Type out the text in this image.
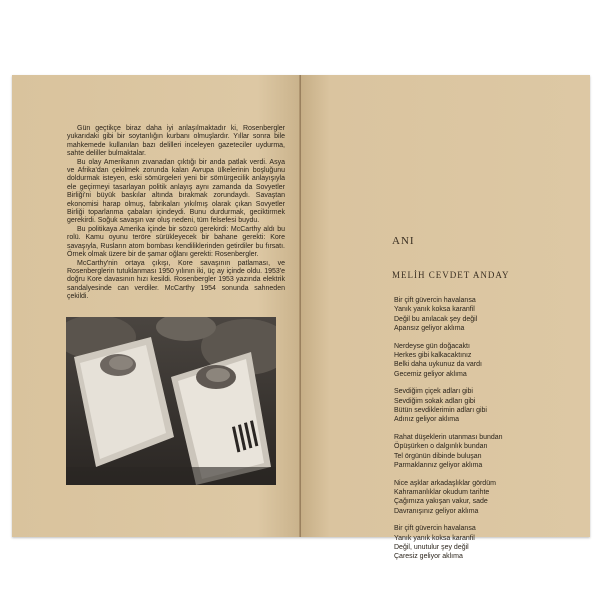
Gün geçtikçe biraz daha iyi anlaşılmaktadır ki, Rosenbergler yukarıdaki gibi bir soytarılığın kurbanı olmuşlardır. Yıllar sonra bile mahkemede kullanılan bazı delilleri inceleyen gazeteciler uydurma, sahte deliller bulmaktalar.

Bu olay Amerikanın zıvanadan çıktığı bir anda patlak verdi. Asya ve Afrika'dan çekilmek zorunda kalan Avrupa ülkelerinin boşluğunu doldurmak isteyen, eski sömürgeleri yeni bir sömürgecilik anlayışıyla ele geçirmeyi tasarlayan politik anlayış aynı zamanda da Sovyetler Birliği'ni büyük baskılar altında bırakmak zorundaydı. Savaştan ekonomisi harap olmuş, fabrikaları yıkılmış olarak çıkan Sovyetler Birliği toparlanma çabaları içindeydi. Bunu durdurmak, geciktirmek gerekirdi. Soğuk savaşın var oluş nedeni, tüm felsefesi buydu.

Bu politikaya Amerika içinde bir sözcü gerekirdi: McCarthy aldı bu rolü. Kamu oyunu teröre sürükleyecek bir bahane gerekti: Kore savaşıyla, Rusların atom bombası kendiliklerinden getirdiler bu fırsatı. Örnek olmak üzere bir de şamar oğlanı gerekti: Rosenbergler.

McCarthy'nin ortaya çıkışı, Kore savaşının patlaması, ve Rosenberglerin tutuklanması 1950 yılının iki, üç ay içinde oldu. 1953'e doğru Kore davasının hızı kesildi. Rosenbergler 1953 yazında elektrik sandalyesinde can verdiler. McCarthy 1954 sonunda sahneden çekildi.

ANI
MELİH CEVDET ANDAY
Bir çift güvercin havalansa
Yanık yanık koksa karanfil
Değil bu anılacak şey değil
Apansız geliyor aklıma
Nerdeyse gün doğacaktı
Herkes gibi kalkacaktınız
Belki daha uykunuz da vardı
Gecemiz geliyor aklıma
Sevdiğim çiçek adları gibi
Sevdiğim sokak adları gibi
Bütün sevdiklerimin adları gibi
Adınız geliyor aklıma
Rahat düşeklerin utanması bundan
Öpüşürken o dalgınlık bundan
Tel örgünün dibinde buluşan
Parmaklarınız geliyor aklıma
Nice aşklar arkadaşlıklar gördüm
Kahramanlıklar okudum tarihte
Çağımıza yakışan vakur, sade
Davranışınız geliyor aklıma
Bir çift güvercin havalansa
Yanık yanık koksa karanfil
Değil, unutulur şey değil
Çaresiz geliyor aklıma
